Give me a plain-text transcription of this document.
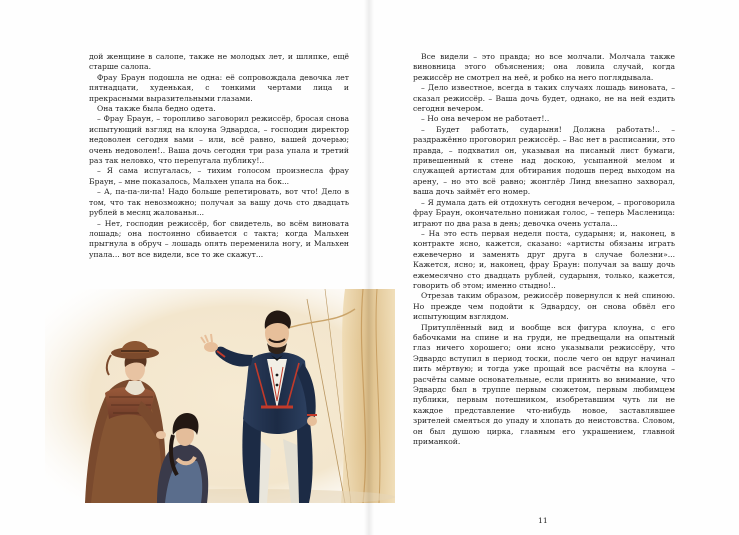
дой женщине в салопе, также не молодых лет, и шляпке, ещё старше салопа.

Фрау Браун подошла не одна: её сопровождала девочка лет пятнадцати, худенькая, с тонкими чертами лица и прекрасными выразительными глазами.

Она также была бедно одета.

– Фрау Браун, – торопливо заговорил режиссёр, бросая снова испытующий взгляд на клоуна Эдвардса, – господин директор недоволен сегодня вами – или, всё равно, вашей дочерью; очень недоволен!.. Ваша дочь сегодня три раза упала и третий раз так неловко, что перепугала публику!..

– Я сама испугалась, – тихим голосом произнесла фрау Браун, – мне показалось, Мальхен упала на бок...

– А, па-па-ли-па! Надо больше репетировать, вот что! Дело в том, что так невозможно; получая за вашу дочь сто двадцать рублей в месяц жалованья...

– Нет, господин режиссёр, бог свидетель, во всём виновата лошадь; она постоянно сбивается с такта; когда Мальхен прыгнула в обруч – лошадь опять переменила ногу, и Мальхен упала... вот все видели, все то же скажут...

Все видели – это правда; но все молчали. Молчала также виновница этого объяснения; она ловила случай, когда режиссёр не смотрел на неё, и робко на него поглядывала.

– Дело известное, всегда в таких случаях лошадь виновата, – сказал режиссёр. – Ваша дочь будет, однако, не на ней ездить сегодня вечером.

– Но она вечером не работает!..

– Будет работать, сударыня! Должна работать!.. – раздражённо проговорил режиссёр. – Вас нет в расписании, это правда, – подхватил он, указывая на писаный лист бумаги, привешенный к стене над доскою, усыпанной мелом и служащей артистам для обтирания подошв перед выходом на арену, – но это всё равно; жонглёр Линд внезапно захворал, ваша дочь займёт его номер.

– Я думала дать ей отдохнуть сегодня вечером, – проговорила фрау Браун, окончательно понижая голос, – теперь Масленица: играют по два раза в день; девочка очень устала...

– На это есть первая неделя поста, сударыня; и, наконец, в контракте ясно, кажется, сказано: «артисты обязаны играть ежевечерно и заменять друг друга в случае болезни»... Кажется, ясно; и, наконец, фрау Браун: получая за вашу дочь ежемесячно сто двадцать рублей, сударыня, только, кажется, говорить об этом; именно стыдно!..

Отрезав таким образом, режиссёр повернулся к ней спиною. Но прежде чем подойти к Эдвардсу, он снова обвёл его испытующим взглядом.

Притуплённый вид и вообще вся фигура клоуна, с его бабочками на спине и на груди, не предвещали на опытный глаз ничего хорошего; они ясно указывали режиссёру, что Эдвардс вступил в период тоски, после чего он вдруг начинал пить мёртвую; и тогда уже прощай все расчёты на клоуна – расчёты самые основательные, если принять во внимание, что Эдвардс был в труппе первым сюжетом, первым любимцем публики, первым потешником, изобретавшим чуть ли не каждое представление что-нибудь новое, заставлявшее зрителей смеяться до упаду и хлопать до неистовства. Словом, он был душою цирка, главным его украшением, главной приманкой.

11
